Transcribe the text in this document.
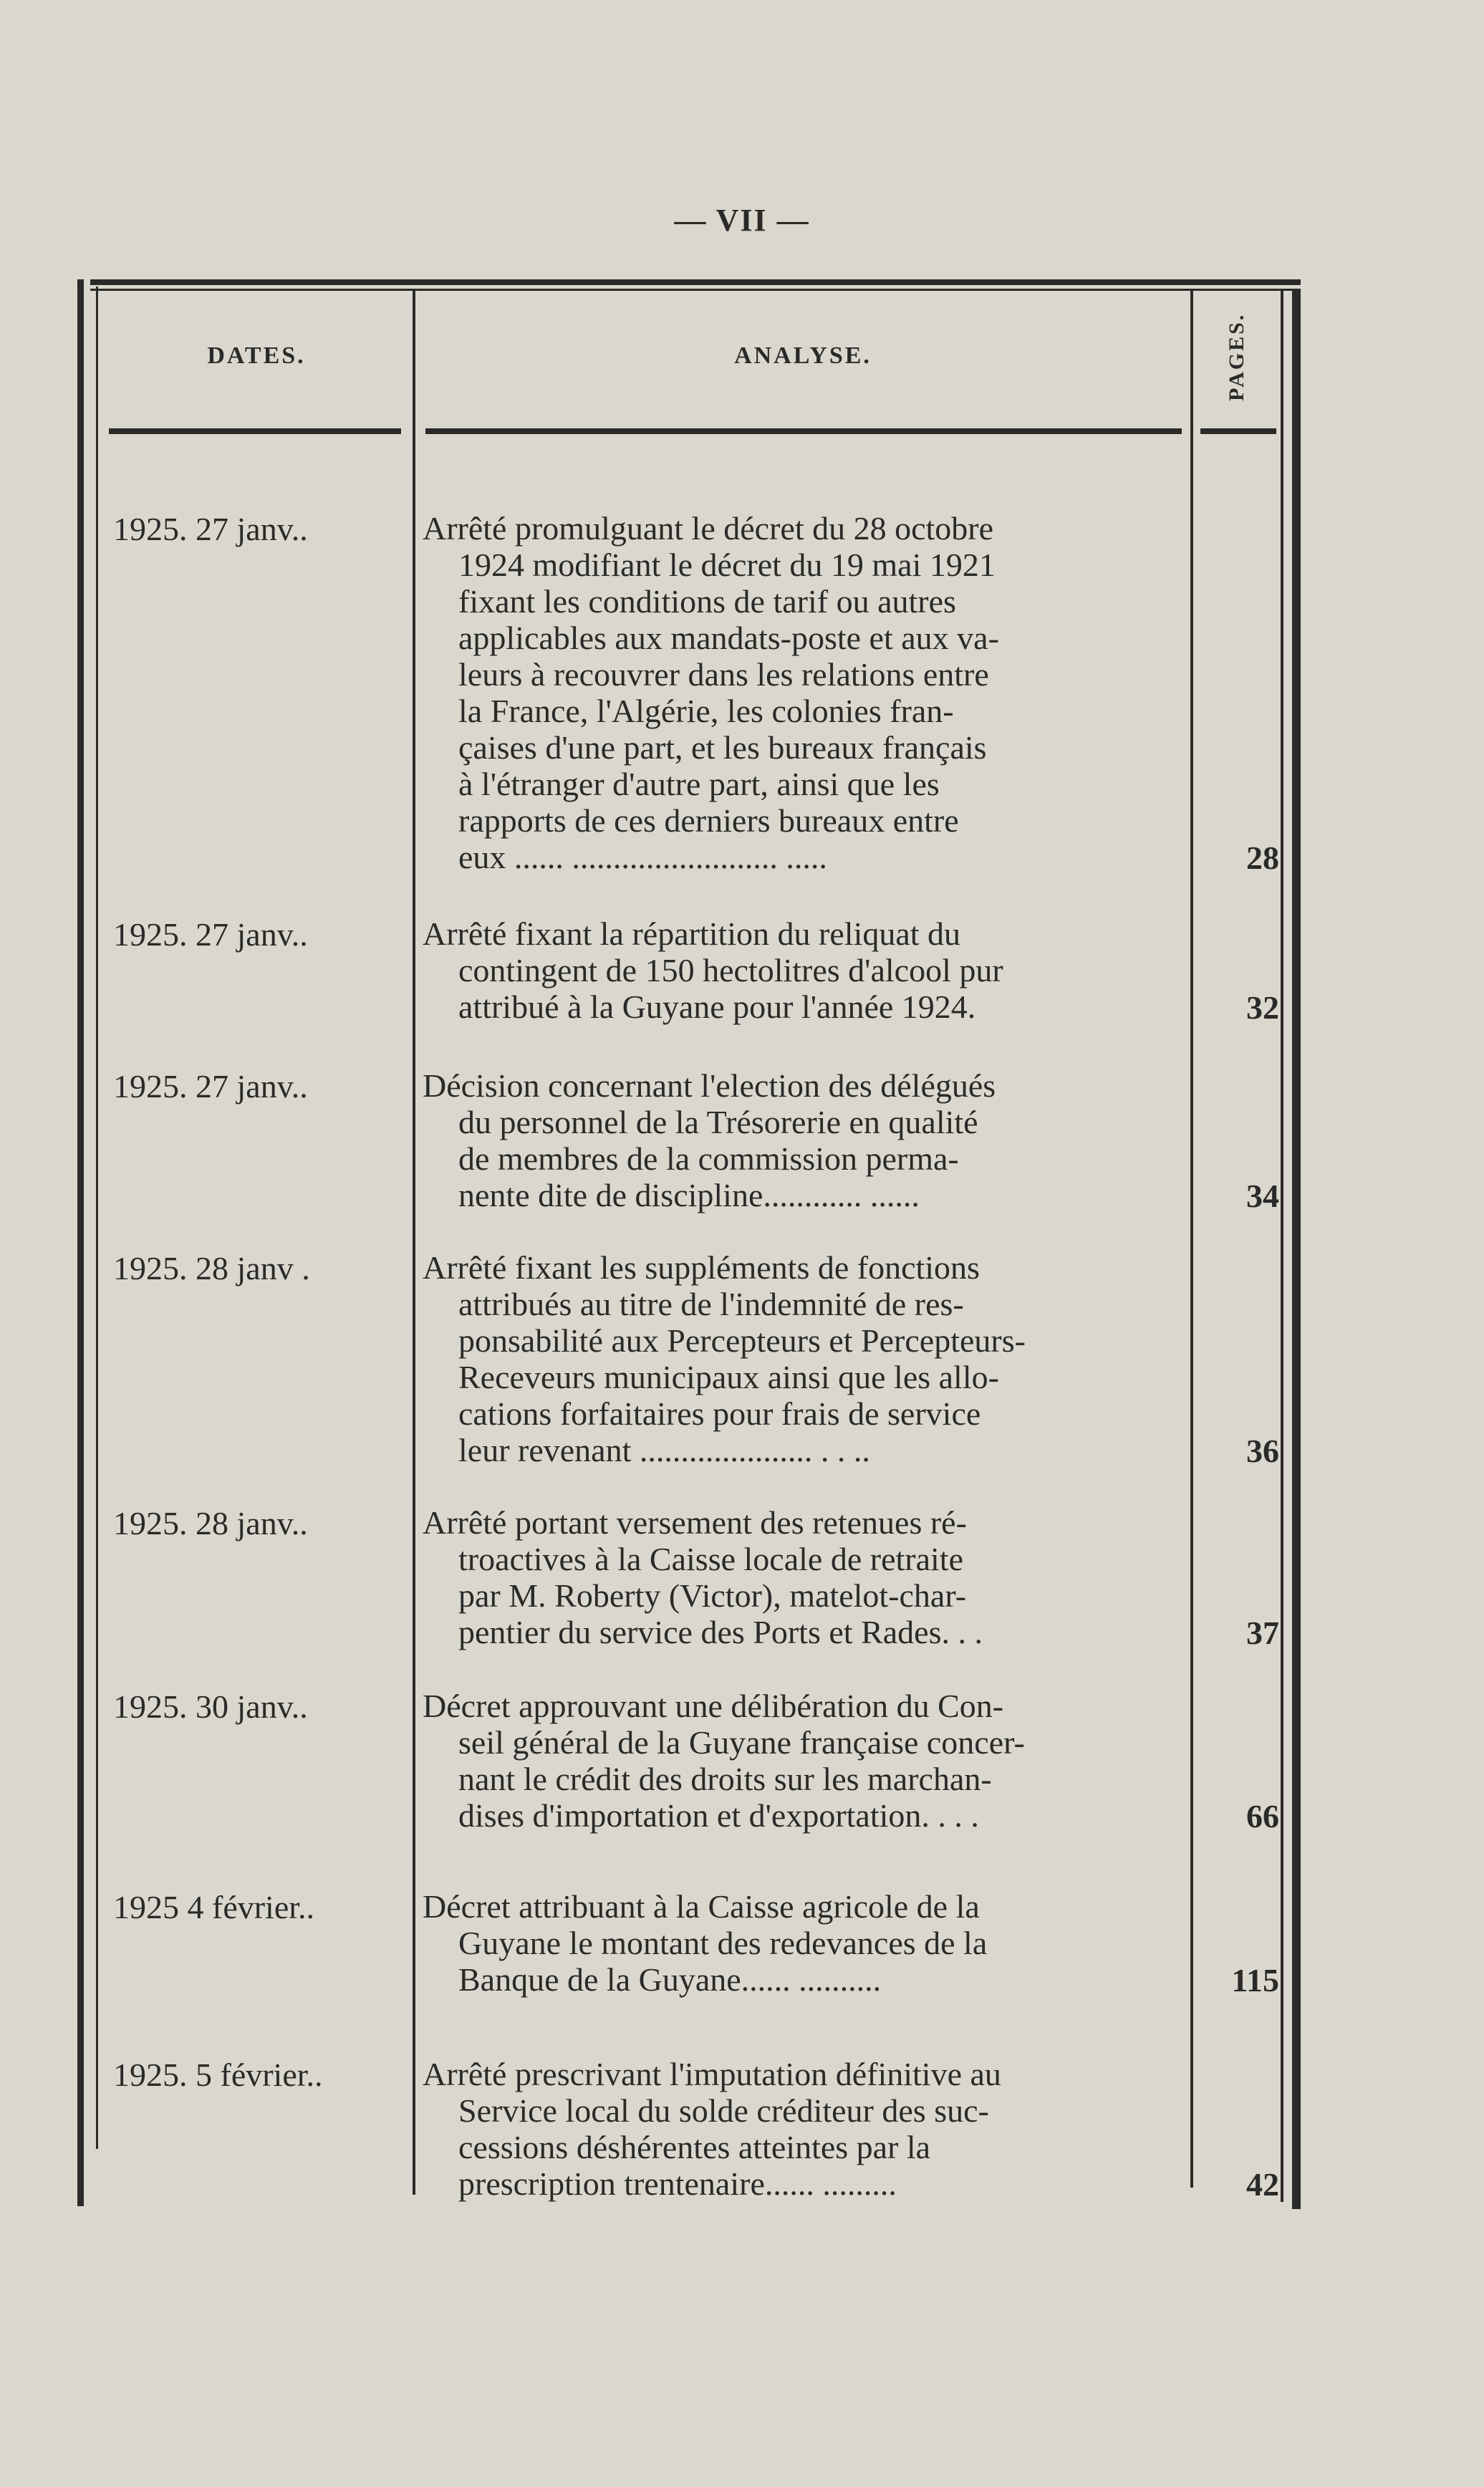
— VII —
DATES.	ANALYSE.	PAGES.
1925. 27 janv..	Arrêté promulguant le décret du 28 octobre
1924 modifiant le décret du 19 mai 1921
fixant les conditions de tarif ou autres
applicables aux mandats-poste et aux va-
leurs à recouvrer dans les relations entre
la France, l'Algérie, les colonies fran-
çaises d'une part, et les bureaux français
à l'étranger d'autre part, ainsi que les
rapports de ces derniers bureaux entre
eux ...... ......................... .....	28
1925. 27 janv..	Arrêté fixant la répartition du reliquat du
contingent de 150 hectolitres d'alcool pur
attribué à la Guyane pour l'année 1924.	32
1925. 27 janv..	Décision concernant l'election des délégués
du personnel de la Trésorerie en qualité
de membres de la commission perma-
nente dite de discipline............ ......	34
1925. 28 janv .	Arrêté fixant les suppléments de fonctions
attribués au titre de l'indemnité de res-
ponsabilité aux Percepteurs et Percepteurs-
Receveurs municipaux ainsi que les allo-
cations forfaitaires pour frais de service
leur revenant ..................... . . ..	36
1925. 28 janv..	Arrêté portant versement des retenues ré-
troactives à la Caisse locale de retraite
par M. Roberty (Victor), matelot-char-
pentier du service des Ports et Rades. . .	37
1925. 30 janv..	Décret approuvant une délibération du Con-
seil général de la Guyane française concer-
nant le crédit des droits sur les marchan-
dises d'importation et d'exportation. . . .	66
1925 4 février..	Décret attribuant à la Caisse agricole de la
Guyane le montant des redevances de la
Banque de la Guyane...... ..........	115
1925. 5 février..	Arrêté prescrivant l'imputation définitive au
Service local du solde créditeur des suc-
cessions déshérentes atteintes par la
prescription trentenaire...... .........	42
